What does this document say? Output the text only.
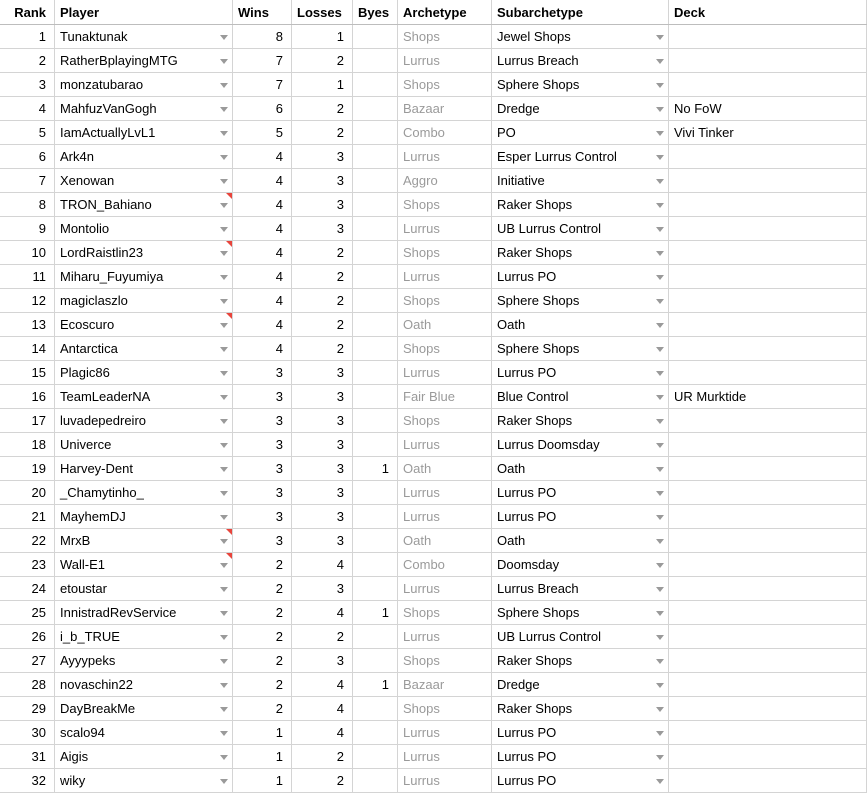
Rank	Player	Wins	Losses	Byes	Archetype	Subarchetype	Deck

1	Tunaktunak	8	1		Shops	Jewel Shops	

2	RatherBplayingMTG	7	2		Lurrus	Lurrus Breach	

3	monzatubarao	7	1		Shops	Sphere Shops	

4	MahfuzVanGogh	6	2		Bazaar	Dredge	No FoW

5	IamActuallyLvL1	5	2		Combo	PO	Vivi Tinker

6	Ark4n	4	3		Lurrus	Esper Lurrus Control	

7	Xenowan	4	3		Aggro	Initiative	

8	TRON_Bahiano	4	3		Shops	Raker Shops	

9	Montolio	4	3		Lurrus	UB Lurrus Control	

10	LordRaistlin23	4	2		Shops	Raker Shops	

11	Miharu_Fuyumiya	4	2		Lurrus	Lurrus PO	

12	magiclaszlo	4	2		Shops	Sphere Shops	

13	Ecoscuro	4	2		Oath	Oath	

14	Antarctica	4	2		Shops	Sphere Shops	

15	Plagic86	3	3		Lurrus	Lurrus PO	

16	TeamLeaderNA	3	3		Fair Blue	Blue Control	UR Murktide

17	luvadepedreiro	3	3		Shops	Raker Shops	

18	Univerce	3	3		Lurrus	Lurrus Doomsday	

19	Harvey-Dent	3	3	1	Oath	Oath	

20	_Chamytinho_	3	3		Lurrus	Lurrus PO	

21	MayhemDJ	3	3		Lurrus	Lurrus PO	

22	MrxB	3	3		Oath	Oath	

23	Wall-E1	2	4		Combo	Doomsday	

24	etoustar	2	3		Lurrus	Lurrus Breach	

25	InnistradRevService	2	4	1	Shops	Sphere Shops	

26	i_b_TRUE	2	2		Lurrus	UB Lurrus Control	

27	Ayyypeks	2	3		Shops	Raker Shops	

28	novaschin22	2	4	1	Bazaar	Dredge	

29	DayBreakMe	2	4		Shops	Raker Shops	

30	scalo94	1	4		Lurrus	Lurrus PO	

31	Aigis	1	2		Lurrus	Lurrus PO	

32	wiky	1	2		Lurrus	Lurrus PO	
